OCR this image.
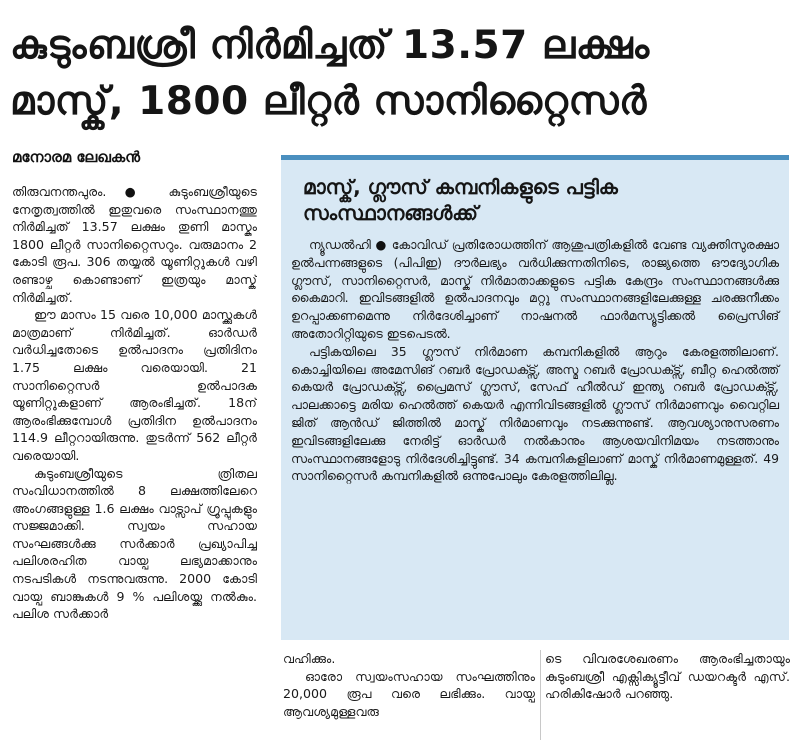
കുടുംബശ്രീ നിർമിച്ചത് 13.57 ലക്ഷം
മാസ്ക്, 1800 ലീറ്റർ സാനിറ്റൈസർ
മനോരമ ലേഖകൻ

തിരുവനന്തപുരം. ● കുടുംബശ്രീയുടെ നേതൃത്വത്തിൽ ഇതുവരെ സംസ്ഥാനത്തു നിർമിച്ചത് 13.57 ലക്ഷം തുണി മാസ്കും 1800 ലീറ്റർ സാനിറ്റൈസറും. വരുമാനം 2 കോടി രൂപ. 306 തയ്യൽ യൂണിറ്റുകൾ വഴി രണ്ടാഴ്ച കൊണ്ടാണ് ഇത്രയും മാസ്ക് നിർമിച്ചത്.

ഈ മാസം 15 വരെ 10,000 മാസ്ക്കുകൾ മാത്രമാണ് നിർമിച്ചത്. ഓർഡർ വർധിച്ചതോടെ ഉൽപാദനം പ്രതിദിനം 1.75 ലക്ഷം വരെയായി. 21 സാനിറ്റൈസർ ഉൽപാദക യൂണിറ്റുകളാണ് ആരംഭിച്ചത്. 18ന് ആരംഭിക്കുമ്പോൾ പ്രതിദിന ഉൽപാദനം 114.9 ലീറ്ററായിരുന്നു. തുടർന്ന് 562 ലീറ്റർ വരെയായി.

കുടുംബശ്രീയുടെ ത്രിതല സംവിധാനത്തിൽ 8 ലക്ഷത്തിലേറെ അംഗങ്ങളുള്ള 1.6 ലക്ഷം വാട്സാപ് ഗ്രൂപ്പുകളും സജ്ജമാക്കി. സ്വയം സഹായ സംഘങ്ങൾക്കു സർക്കാർ പ്രഖ്യാപിച്ച പലിശരഹിത വായ്പ ലഭ്യമാക്കാനും നടപടികൾ നടന്നുവരുന്നു. 2000 കോടി വായ്പ ബാങ്കുകൾ 9 % പലിശയ്ക്കു നൽകും. പലിശ സർക്കാർ

മാസ്ക്, ഗ്ലൗസ് കമ്പനികളുടെ പട്ടിക സംസ്ഥാനങ്ങൾക്ക്

ന്യൂഡൽഹി ● കോവിഡ് പ്രതിരോധത്തിന് ആശുപത്രികളിൽ വേണ്ട വ്യക്തിസുരക്ഷാ ഉൽപന്നങ്ങളുടെ (പിപിഇ) ദൗർലഭ്യം വർധിക്കുന്നതിനിടെ, രാജ്യത്തെ ഔദ്യോഗിക ഗ്ലൗസ്, സാനിറ്റൈസർ, മാസ്ക് നിർമാതാക്കളുടെ പട്ടിക കേന്ദ്രം സംസ്ഥാനങ്ങൾക്കു കൈമാറി. ഇവിടങ്ങളിൽ ഉൽപാദനവും മറ്റു സംസ്ഥാനങ്ങളിലേക്കുള്ള ചരക്കുനീക്കം ഉറപ്പാക്കണമെന്നു നിർദേശിച്ചാണ് നാഷനൽ ഫാർമസ്യൂട്ടിക്കൽ പ്രൈസിങ് അതോറിറ്റിയുടെ ഇടപെടൽ.

പട്ടികയിലെ 35 ഗ്ലൗസ് നിർമാണ കമ്പനികളിൽ ആറും കേരളത്തിലാണ്. കൊച്ചിയിലെ അമേസിങ് റബർ പ്രോഡക്ട്സ്, അസ്മ റബർ പ്രോഡക്ട്സ്, ബീറ്റ ഹെൽത്ത് കെയർ പ്രോഡക്ട്സ്, പ്രൈമസ് ഗ്ലൗസ്, സേഫ് ഹീൽഡ് ഇന്ത്യ റബർ പ്രോഡക്ട്സ്, പാലക്കാട്ടെ മരിയ ഹെൽത്ത് കെയർ എന്നിവിടങ്ങളിൽ ഗ്ലൗസ് നിർമാണവും വൈറ്റില ജിത് ആൻഡ് ജിത്തിൽ മാസ്ക് നിർമാണവും നടക്കുന്നുണ്ട്. ആവശ്യാനുസരണം ഇവിടങ്ങളിലേക്കു നേരിട്ട് ഓർഡർ നൽകാനും ആശയവിനിമയം നടത്താനും സംസ്ഥാനങ്ങളോടു നിർദേശിച്ചിട്ടുണ്ട്. 34 കമ്പനികളിലാണ് മാസ്ക് നിർമാണമുള്ളത്. 49 സാനിറ്റൈസർ കമ്പനികളിൽ ഒന്നുപോലും കേരളത്തിലില്ല.

വഹിക്കും.

ഓരോ സ്വയംസഹായ സംഘത്തിനും 20,000 രൂപ വരെ ലഭിക്കും. വായ്പ ആവശ്യമുള്ളവരു

ടെ വിവരശേഖരണം ആരംഭിച്ചതായും കുടുംബശ്രീ എക്സിക്യൂട്ടീവ് ഡയറക്ടർ എസ്. ഹരികിഷോർ പറഞ്ഞു.
